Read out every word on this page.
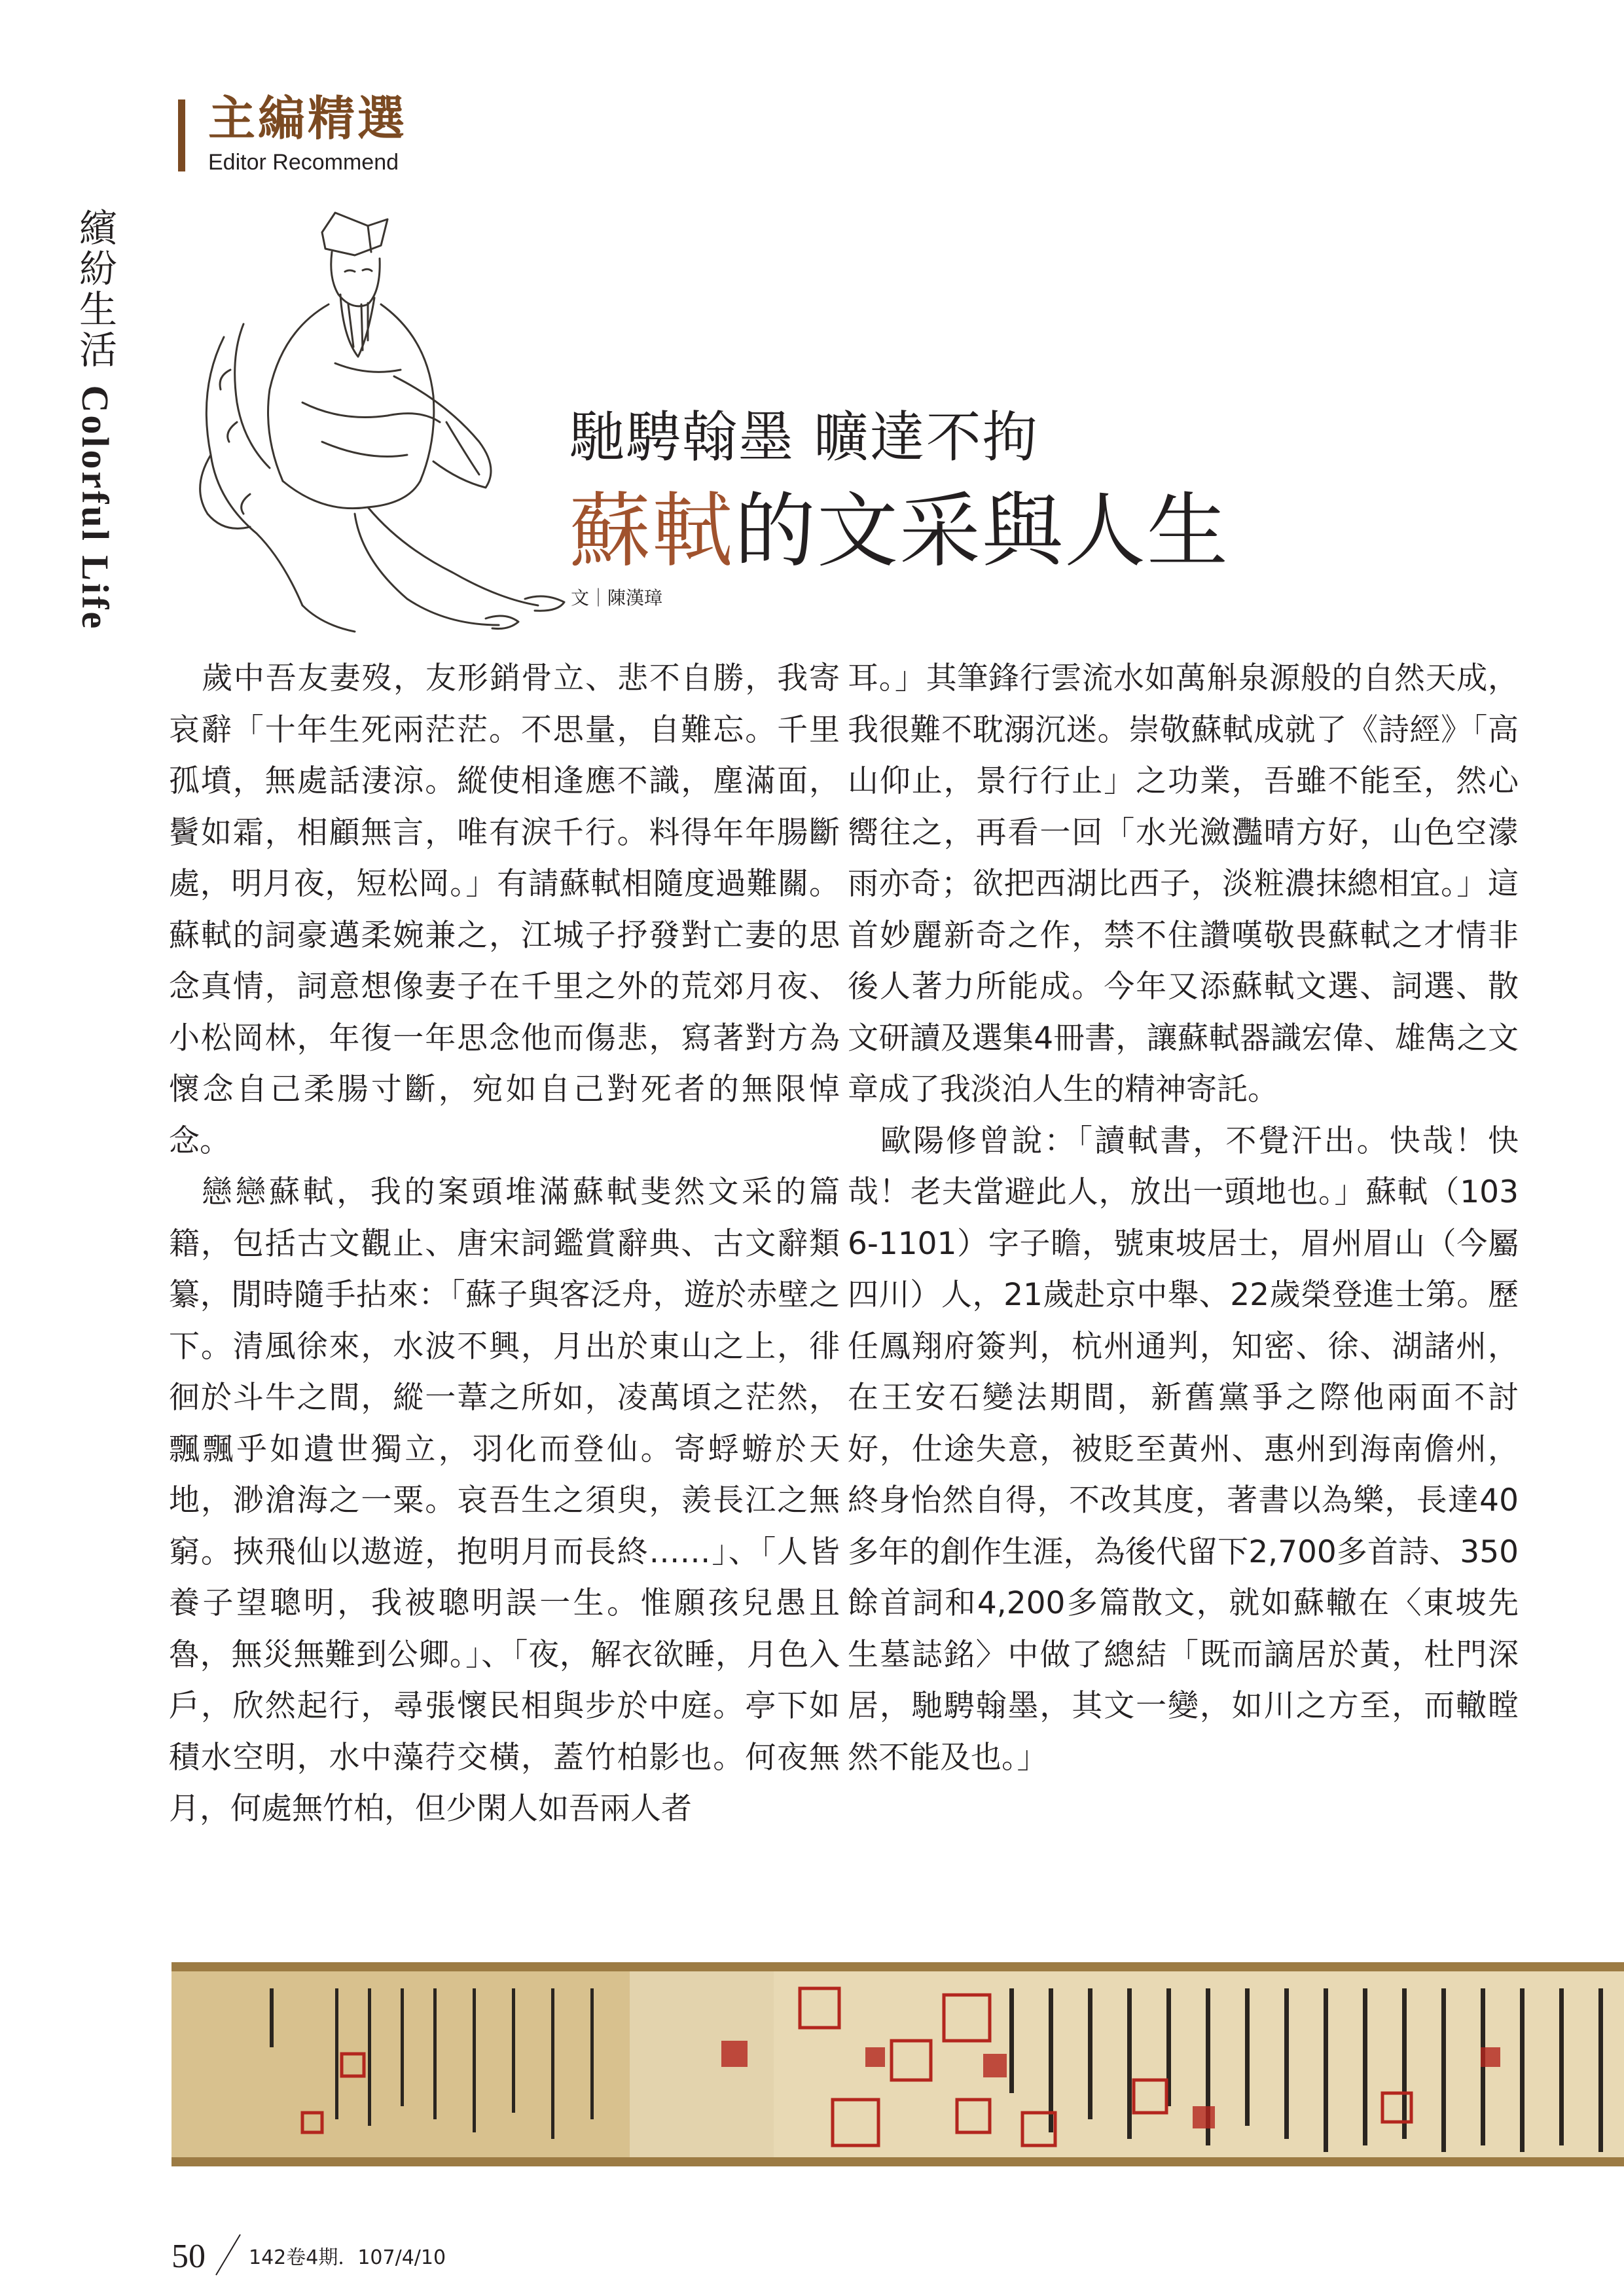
主編精選
Editor Recommend
繽紛生活 Colorful Life	馳騁翰墨 曠達不拘
蘇軾的文采與人生
文｜陳漢璋

歲中吾友妻歿，友形銷骨立、悲不自勝，我寄哀辭「十年生死兩茫茫。不思量，自難忘。千里孤墳，無處話淒涼。縱使相逢應不識，塵滿面，鬢如霜，相顧無言，唯有淚千行。料得年年腸斷處，明月夜，短松岡。」有請蘇軾相隨度過難關。蘇軾的詞豪邁柔婉兼之，江城子抒發對亡妻的思念真情，詞意想像妻子在千里之外的荒郊月夜、小松岡林，年復一年思念他而傷悲，寫著對方為懷念自己柔腸寸斷，宛如自己對死者的無限悼念。

戀戀蘇軾，我的案頭堆滿蘇軾斐然文采的篇籍，包括古文觀止、唐宋詞鑑賞辭典、古文辭類纂，閒時隨手拈來：「蘇子與客泛舟，遊於赤壁之下。清風徐來，水波不興，月出於東山之上，徘徊於斗牛之間，縱一葦之所如，凌萬頃之茫然，飄飄乎如遺世獨立，羽化而登仙。寄蜉蝣於天地，渺滄海之一粟。哀吾生之須臾，羨長江之無窮。挾飛仙以遨遊，抱明月而長終……」、「人皆養子望聰明，我被聰明誤一生。惟願孩兒愚且魯，無災無難到公卿。」、「夜，解衣欲睡，月色入戶，欣然起行，尋張懷民相與步於中庭。亭下如積水空明，水中藻荇交橫，蓋竹柏影也。何夜無月，何處無竹柏，但少閑人如吾兩人者

耳。」其筆鋒行雲流水如萬斛泉源般的自然天成，我很難不耽溺沉迷。崇敬蘇軾成就了《詩經》「高山仰止，景行行止」之功業，吾雖不能至，然心嚮往之，再看一回「水光瀲灩晴方好，山色空濛雨亦奇；欲把西湖比西子，淡粧濃抹總相宜。」這首妙麗新奇之作，禁不住讚嘆敬畏蘇軾之才情非後人著力所能成。今年又添蘇軾文選、詞選、散文研讀及選集4冊書，讓蘇軾器識宏偉、雄雋之文章成了我淡泊人生的精神寄託。

歐陽修曾說：「讀軾書，不覺汗出。快哉！快哉！老夫當避此人，放出一頭地也。」蘇軾（1036-1101）字子瞻，號東坡居士，眉州眉山（今屬四川）人，21歲赴京中舉、22歲榮登進士第。歷任鳳翔府簽判，杭州通判，知密、徐、湖諸州，在王安石變法期間，新舊黨爭之際他兩面不討好，仕途失意，被貶至黃州、惠州到海南儋州，終身怡然自得，不改其度，著書以為樂，長達40多年的創作生涯，為後代留下2,700多首詩、350餘首詞和4,200多篇散文，就如蘇轍在〈東坡先生墓誌銘〉中做了總結「既而謫居於黃，杜門深居，馳騁翰墨，其文一變，如川之方至，而轍瞠然不能及也。」

50 142卷4期．107/4/10
